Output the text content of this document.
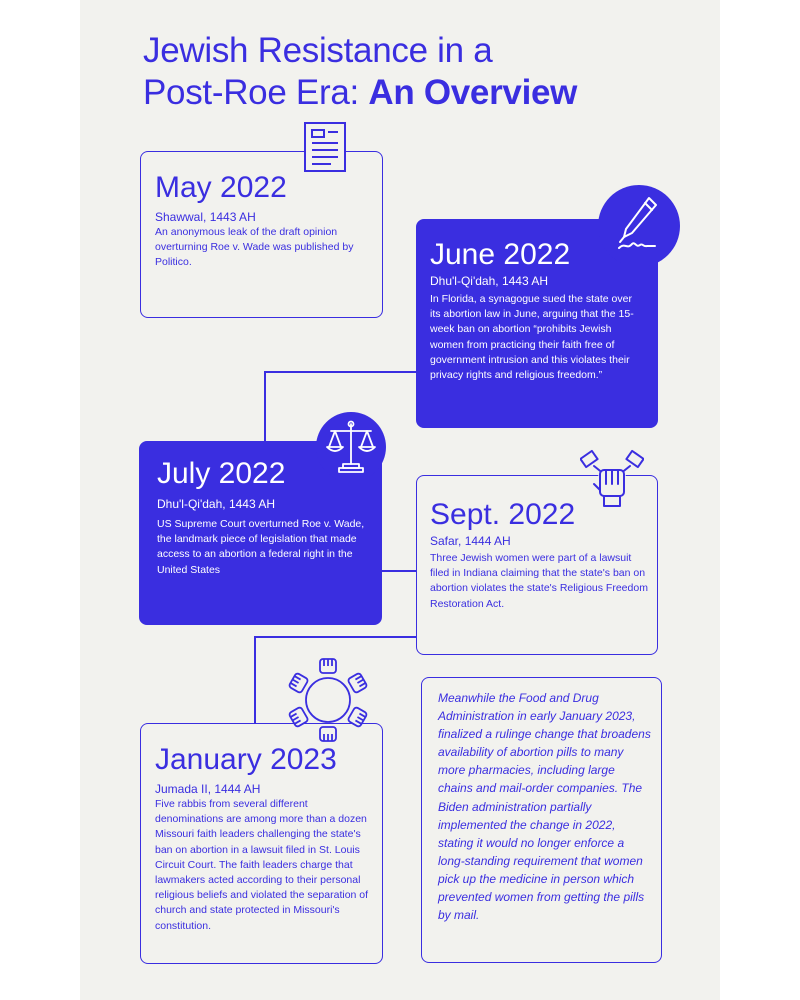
Jewish Resistance in a
Post-Roe Era: An Overview
May 2022
Shawwal, 1443 AH
An anonymous leak of the draft opinion overturning Roe v. Wade was published by Politico.	June 2022
Dhu'l-Qi'dah, 1443 AH
In Florida, a synagogue sued the state over its abortion law in June, arguing that the 15-week ban on abortion “prohibits Jewish women from practicing their faith free of government intrusion and this violates their privacy rights and religious freedom.”
July 2022
Dhu'l-Qi'dah, 1443 AH
US Supreme Court overturned Roe v. Wade, the landmark piece of legislation that made access to an abortion a federal right in the United States
Sept. 2022
Safar, 1444 AH
Three Jewish women were part of a lawsuit filed in Indiana claiming that the state's ban on abortion violates the state's Religious Freedom Restoration Act.
January 2023
Jumada II, 1444 AH
Five rabbis from several different denominations are among more than a dozen Missouri faith leaders challenging the state's ban on abortion in a lawsuit filed in St. Louis Circuit Court. The faith leaders charge that lawmakers acted according to their personal religious beliefs and violated the separation of church and state protected in Missouri's constitution.

Meanwhile the Food and Drug Administration in early January 2023, finalized a rulinge change that broadens availability of abortion pills to many more pharmacies, including large chains and mail-order companies. The Biden administration partially implemented the change in 2022, stating it would no longer enforce a long-standing requirement that women pick up the medicine in person which prevented women from getting the pills by mail.
